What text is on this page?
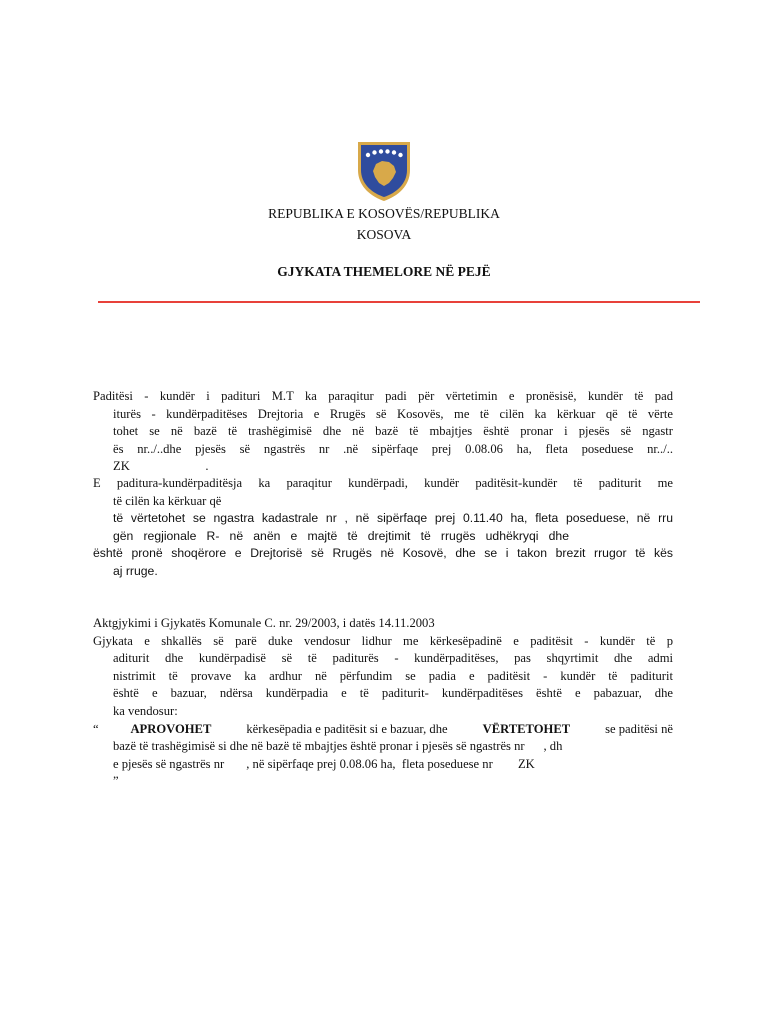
REPUBLIKA E KOSOVËS/REPUBLIKA
KOSOVA
GJYKATA THEMELORE NË PEJË
Paditësi - kundër i padituri M.T ka paraqitur padi për vërtetimin e pronësisë, kundër të pad
iturës - kundërpaditëses Drejtoria e Rrugës së Kosovës, me të cilën ka kërkuar që të vërte
tohet se në bazë të trashëgimisë dhe në bazë të mbajtjes është pronar i pjesës së ngastr
ës nr../..dhe pjesës së ngastrës nr .në sipërfaqe prej 0.08.06 ha, fleta poseduese nr../..
ZK                        .
E paditura-kundërpaditësja ka paraqitur kundërpadi, kundër paditësit-kundër të paditurit me
të cilën ka kërkuar që
të vërtetohet se ngastra kadastrale nr , në sipërfaqe prej 0.11.40 ha, fleta poseduese, në rru
gën regjionale R- në anën e majtë të drejtimit të rrugës udhëkryqi dhe
është pronë shoqërore e Drejtorisë së Rrugës në Kosovë, dhe se i takon brezit rrugor të kës
aj rruge.
Aktgjykimi i Gjykatës Komunale C. nr. 29/2003, i datës 14.11.2003
Gjykata e shkallës së parë duke vendosur lidhur me kërkesëpadinë e paditësit - kundër të p
aditurit dhe kundërpadisë së të paditurës - kundërpaditëses, pas shqyrtimit dhe admi
nistrimit të provave ka ardhur në përfundim se padia e paditësit - kundër të paditurit
është e bazuar, ndërsa kundërpadia e të paditurit- kundërpaditëses është e pabazuar, dhe
ka vendosur:
“	APROVOHET	kërkesëpadia e paditësit si e bazuar, dhe	VËRTETOHET	se paditësi në
bazë të trashëgimisë si dhe në bazë të mbajtjes është pronar i pjesës së ngastrës nr      , dh
e pjesës së ngastrës nr       , në sipërfaqe prej 0.08.06 ha,  fleta poseduese nr        ZK
”
